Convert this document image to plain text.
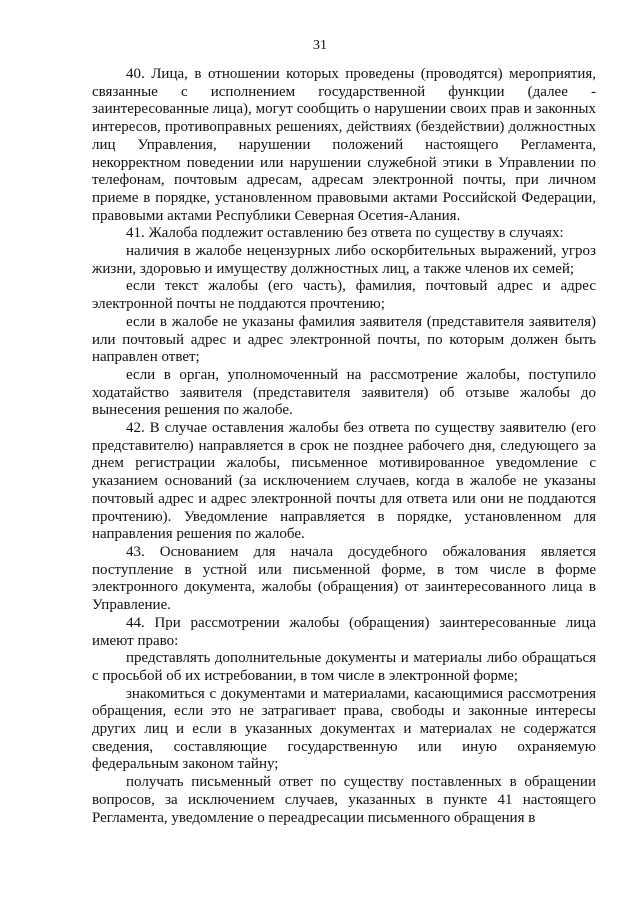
31

40. Лица, в отношении которых проведены (проводятся) мероприятия, связанные с исполнением государственной функции (далее - заинтересованные лица), могут сообщить о нарушении своих прав и законных интересов, противоправных решениях, действиях (бездействии) должностных лиц Управления, нарушении положений настоящего Регламента, некорректном поведении или нарушении служебной этики в Управлении по телефонам, почтовым адресам, адресам электронной почты, при личном приеме в порядке, установленном правовыми актами Российской Федерации, правовыми актами Республики Северная Осетия-Алания.

41. Жалоба подлежит оставлению без ответа по существу в случаях:

наличия в жалобе нецензурных либо оскорбительных выражений, угроз жизни, здоровью и имуществу должностных лиц, а также членов их семей;

если текст жалобы (его часть), фамилия, почтовый адрес и адрес электронной почты не поддаются прочтению;

если в жалобе не указаны фамилия заявителя (представителя заявителя) или почтовый адрес и адрес электронной почты, по которым должен быть направлен ответ;

если в орган, уполномоченный на рассмотрение жалобы, поступило ходатайство заявителя (представителя заявителя) об отзыве жалобы до вынесения решения по жалобе.

42. В случае оставления жалобы без ответа по существу заявителю (его представителю) направляется в срок не позднее рабочего дня, следующего за днем регистрации жалобы, письменное мотивированное уведомление с указанием оснований (за исключением случаев, когда в жалобе не указаны почтовый адрес и адрес электронной почты для ответа или они не поддаются прочтению). Уведомление направляется в порядке, установленном для направления решения по жалобе.

43. Основанием для начала досудебного обжалования является поступление в устной или письменной форме, в том числе в форме электронного документа, жалобы (обращения) от заинтересованного лица в Управление.

44. При рассмотрении жалобы (обращения) заинтересованные лица имеют право:

представлять дополнительные документы и материалы либо обращаться с просьбой об их истребовании, в том числе в электронной форме;

знакомиться с документами и материалами, касающимися рассмотрения обращения, если это не затрагивает права, свободы и законные интересы других лиц и если в указанных документах и материалах не содержатся сведения, составляющие государственную или иную охраняемую федеральным законом тайну;

получать письменный ответ по существу поставленных в обращении вопросов, за исключением случаев, указанных в пункте 41 настоящего Регламента, уведомление о переадресации письменного обращения в
